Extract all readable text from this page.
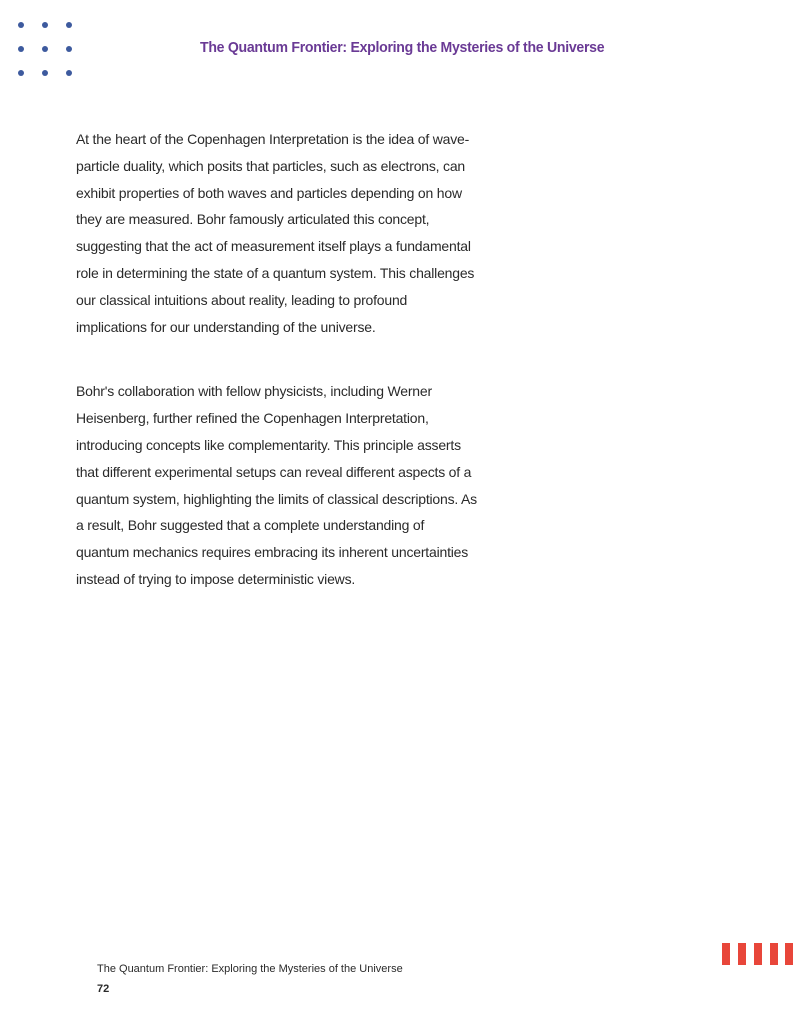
The Quantum Frontier: Exploring the Mysteries of the Universe

At the heart of the Copenhagen Interpretation is the idea of wave-particle duality, which posits that particles, such as electrons, can exhibit properties of both waves and particles depending on how they are measured. Bohr famously articulated this concept, suggesting that the act of measurement itself plays a fundamental role in determining the state of a quantum system. This challenges our classical intuitions about reality, leading to profound implications for our understanding of the universe.

Bohr's collaboration with fellow physicists, including Werner Heisenberg, further refined the Copenhagen Interpretation, introducing concepts like complementarity. This principle asserts that different experimental setups can reveal different aspects of a quantum system, highlighting the limits of classical descriptions. As a result, Bohr suggested that a complete understanding of quantum mechanics requires embracing its inherent uncertainties instead of trying to impose deterministic views.

The Quantum Frontier: Exploring the Mysteries of the Universe
72
